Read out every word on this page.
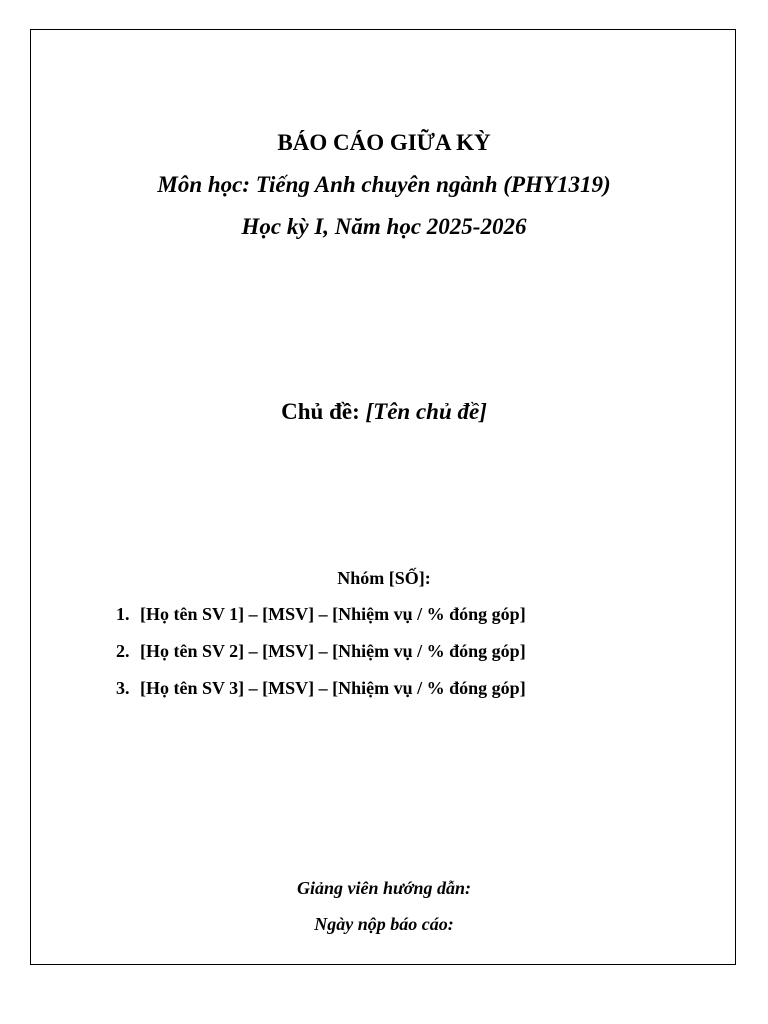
BÁO CÁO GIỮA KỲ
Môn học: Tiếng Anh chuyên ngành (PHY1319)
Học kỳ I, Năm học 2025-2026
Chủ đề: [Tên chủ đề]
Nhóm [SỐ]:
1. [Họ tên SV 1] – [MSV] – [Nhiệm vụ / % đóng góp]
2. [Họ tên SV 2] – [MSV] – [Nhiệm vụ / % đóng góp]
3. [Họ tên SV 3] – [MSV] – [Nhiệm vụ / % đóng góp]
Giảng viên hướng dẫn:
Ngày nộp báo cáo:
